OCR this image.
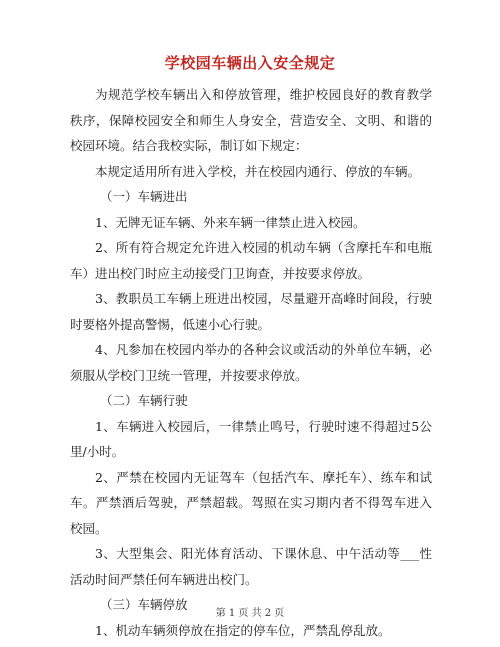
学校园车辆出入安全规定

为规范学校车辆出入和停放管理，维护校园良好的教育教学秩序，保障校园安全和师生人身安全，营造安全、文明、和谐的校园环境。结合我校实际，制订如下规定：

本规定适用所有进入学校，并在校园内通行、停放的车辆。

（一）车辆进出

1、无牌无证车辆、外来车辆一律禁止进入校园。

2、所有符合规定允许进入校园的机动车辆（含摩托车和电瓶车）进出校门时应主动接受门卫询查，并按要求停放。

3、教职员工车辆上班进出校园，尽量避开高峰时间段，行驶时要格外提高警惕，低速小心行驶。

4、凡参加在校园内举办的各种会议或活动的外单位车辆，必须服从学校门卫统一管理，并按要求停放。

（二）车辆行驶

1、车辆进入校园后，一律禁止鸣号，行驶时速不得超过5公里/小时。

2、严禁在校园内无证驾车（包括汽车、摩托车）、练车和试车。严禁酒后驾驶，严禁超载。驾照在实习期内者不得驾车进入校园。

3、大型集会、阳光体育活动、下课休息、中午活动等___性活动时间严禁任何车辆进出校门。

（三）车辆停放

1、机动车辆须停放在指定的停车位，严禁乱停乱放。

第 1 页 共 2 页
